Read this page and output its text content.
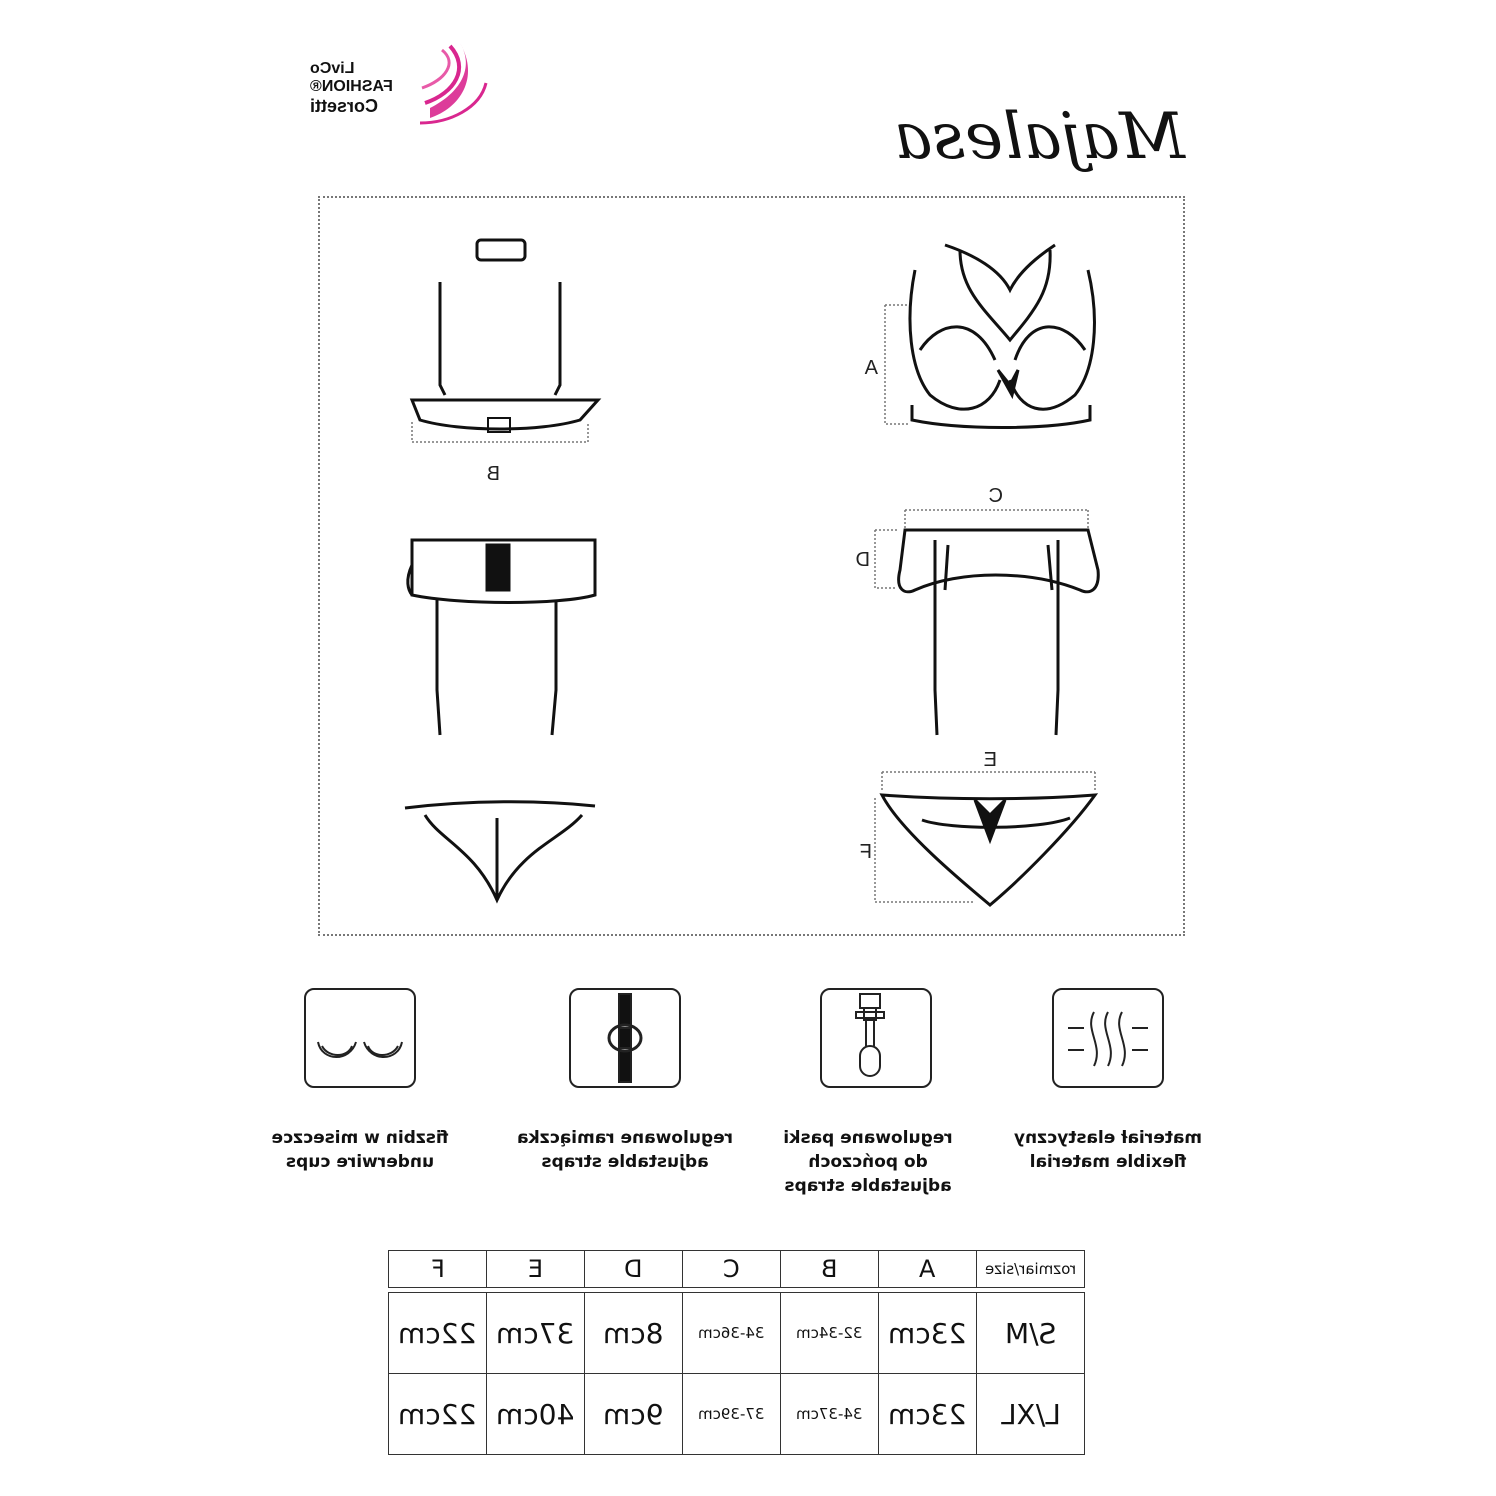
LivCo FASHION®
Corsetti	Majalesa
A
B
C
D
E
F
fiszbin w miseczce
underwire cups
regulowane ramiączka
adjustable straps
regulowane paski
do pończoch
adjustable straps
materiał elastyczny
flexible material
F	E	D	C	B	A	rozmiar/size

22cm	37cm	8cm	34-36cm	32-34cm	23cm	S/M
22cm	40cm	9cm	37-39cm	34-37cm	23cm	L/XL
